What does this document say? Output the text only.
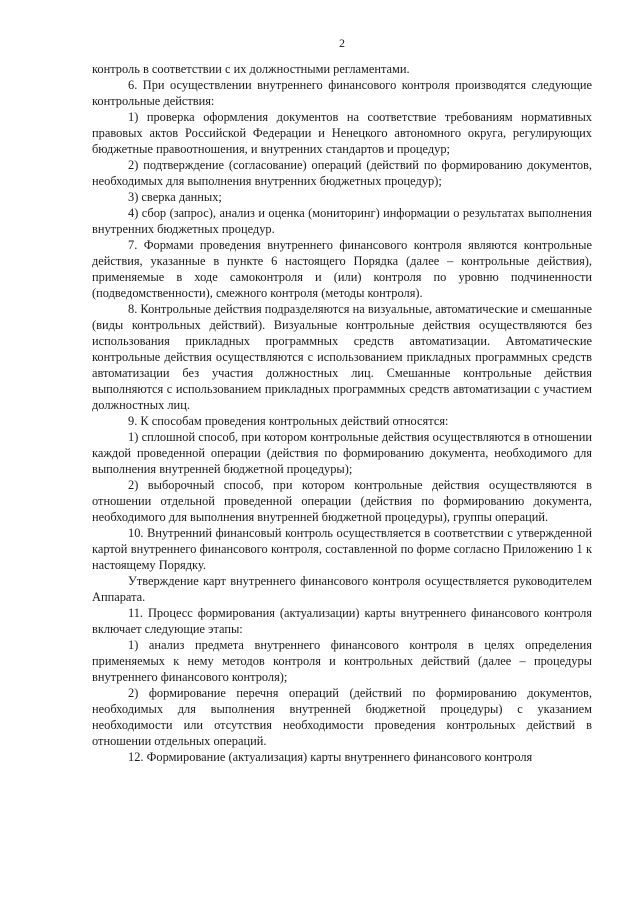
2

контроль в соответствии с их должностными регламентами.

6. При осуществлении внутреннего финансового контроля производятся следующие контрольные действия:

1) проверка оформления документов на соответствие требованиям нормативных правовых актов Российской Федерации и Ненецкого автономного округа, регулирующих бюджетные правоотношения, и внутренних стандартов и процедур;

2) подтверждение (согласование) операций (действий по формированию документов, необходимых для выполнения внутренних бюджетных процедур);

3) сверка данных;

4) сбор (запрос), анализ и оценка (мониторинг) информации о результатах выполнения внутренних бюджетных процедур.

7. Формами проведения внутреннего финансового контроля являются контрольные действия, указанные в пункте 6 настоящего Порядка (далее – контрольные действия), применяемые в ходе самоконтроля и (или) контроля по уровню подчиненности (подведомственности), смежного контроля (методы контроля).

8. Контрольные действия подразделяются на визуальные, автоматические и смешанные (виды контрольных действий). Визуальные контрольные действия осуществляются без использования прикладных программных средств автоматизации. Автоматические контрольные действия осуществляются с использованием прикладных программных средств автоматизации без участия должностных лиц. Смешанные контрольные действия выполняются с использованием прикладных программных средств автоматизации с участием должностных лиц.

9. К способам проведения контрольных действий относятся:

1) сплошной способ, при котором контрольные действия осуществляются в отношении каждой проведенной операции (действия по формированию документа, необходимого для выполнения внутренней бюджетной процедуры);

2) выборочный способ, при котором контрольные действия осуществляются в отношении отдельной проведенной операции (действия по формированию документа, необходимого для выполнения внутренней бюджетной процедуры), группы операций.

10. Внутренний финансовый контроль осуществляется в соответствии с утвержденной картой внутреннего финансового контроля, составленной по форме согласно Приложению 1 к настоящему Порядку.

Утверждение карт внутреннего финансового контроля осуществляется руководителем Аппарата.

11. Процесс формирования (актуализации) карты внутреннего финансового контроля включает следующие этапы:

1) анализ предмета внутреннего финансового контроля в целях определения применяемых к нему методов контроля и контрольных действий (далее – процедуры внутреннего финансового контроля);

2) формирование перечня операций (действий по формированию документов, необходимых для выполнения внутренней бюджетной процедуры) с указанием необходимости или отсутствия необходимости проведения контрольных действий в отношении отдельных операций.

12. Формирование (актуализация) карты внутреннего финансового контроля
